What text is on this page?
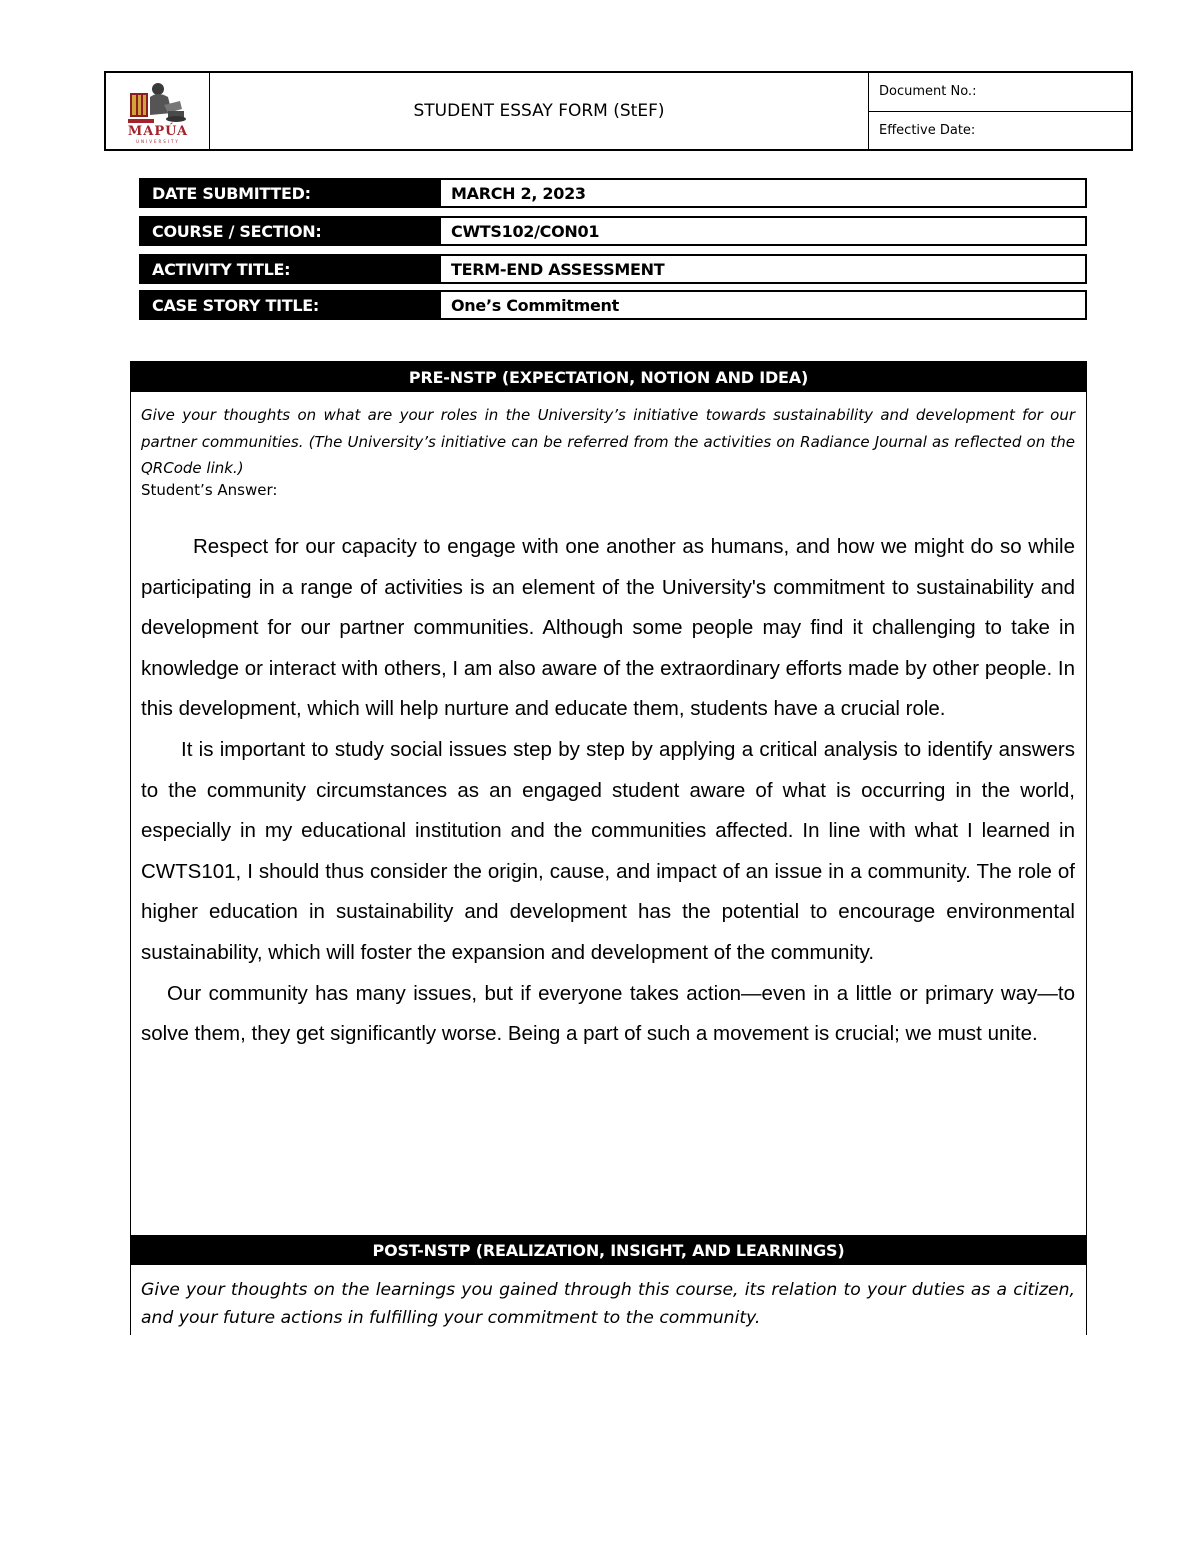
MAPÚA
UNIVERSITY
STUDENT ESSAY FORM (StEF)
Document No.:
Effective Date:
DATE SUBMITTED:	MARCH 2, 2023
COURSE / SECTION:	CWTS102/CON01
ACTIVITY TITLE:	TERM-END ASSESSMENT
CASE STORY TITLE:	One’s Commitment
PRE-NSTP (EXPECTATION, NOTION AND IDEA)
Give your thoughts on what are your roles in the University’s initiative towards sustainability and development for our partner communities. (The University’s initiative can be referred from the activities on Radiance Journal as reflected on the QRCode link.)
Student’s Answer:

Respect for our capacity to engage with one another as humans, and how we might do so while participating in a range of activities is an element of the University's commitment to sustainability and development for our partner communities. Although some people may find it challenging to take in knowledge or interact with others, I am also aware of the extraordinary efforts made by other people. In this development, which will help nurture and educate them, students have a crucial role.

It is important to study social issues step by step by applying a critical analysis to identify answers to the community circumstances as an engaged student aware of what is occurring in the world, especially in my educational institution and the communities affected. In line with what I learned in CWTS101, I should thus consider the origin, cause, and impact of an issue in a community. The role of higher education in sustainability and development has the potential to encourage environmental sustainability, which will foster the expansion and development of the community.

Our community has many issues, but if everyone takes action—even in a little or primary way—to solve them, they get significantly worse. Being a part of such a movement is crucial; we must unite.

POST-NSTP (REALIZATION, INSIGHT, AND LEARNINGS)
Give your thoughts on the learnings you gained through this course, its relation to your duties as a citizen, and your future actions in fulfilling your commitment to the community.
